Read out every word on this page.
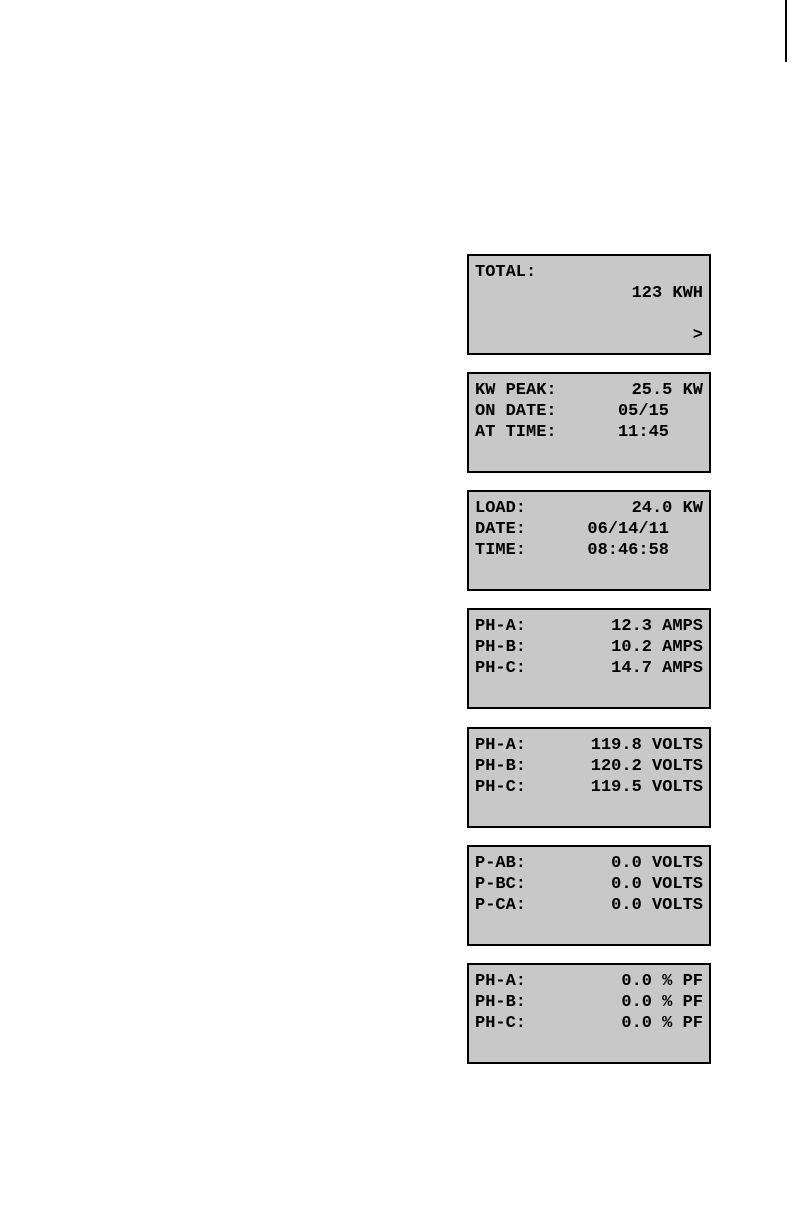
TOTAL:

123 KWH

>

KW PEAK:

	25.5 KW

ON DATE:

	05/15

AT TIME:

	11:45

LOAD:

	24.0 KW

DATE:

	06/14/11

TIME:

	08:46:58

PH-A:

	12.3 AMPS

PH-B:

	10.2 AMPS

PH-C:

	14.7 AMPS

PH-A:

	119.8 VOLTS

PH-B:

	120.2 VOLTS

PH-C:

	119.5 VOLTS

P-AB:

	0.0 VOLTS

P-BC:

	0.0 VOLTS

P-CA:

	0.0 VOLTS

PH-A:

	0.0 % PF

PH-B:

	0.0 % PF

PH-C:

	0.0 % PF
